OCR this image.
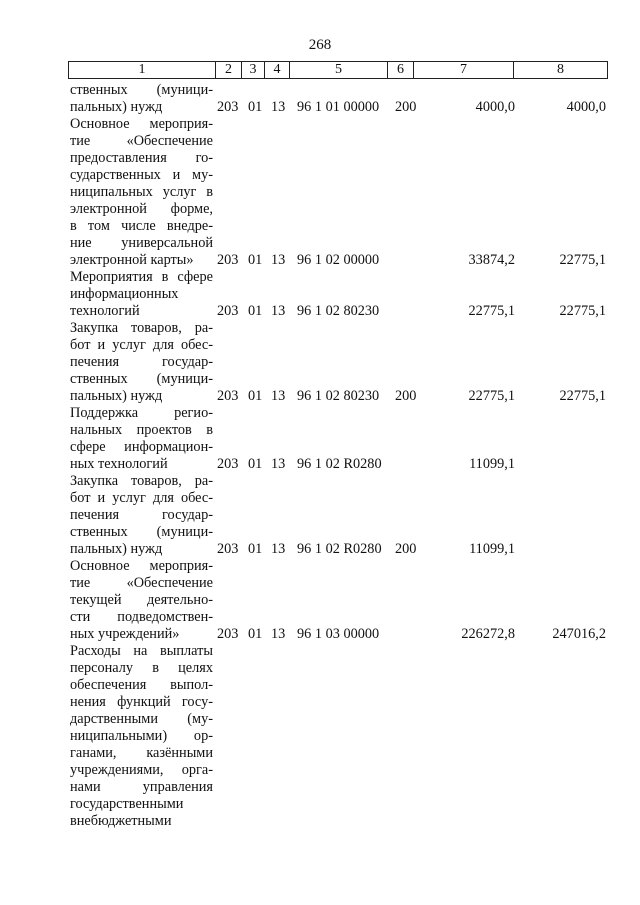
268
1	2	3	4	5	6	7	8
ственных (муници-
пальных) нужд	203 01 13 96 1 01 00000 200	4000,0	4000,0
Основное мероприя-
тие «Обеспечение
предоставления го-
сударственных и му-
ниципальных услуг в
электронной форме,
в том числе внедре-
ние универсальной
электронной карты»	203 01 13 96 1 02 00000	33874,2	22775,1
Мероприятия в сфере
информационных
технологий	203 01 13 96 1 02 80230	22775,1	22775,1
Закупка товаров, ра-
бот и услуг для обес-
печения государ-
ственных (муници-
пальных) нужд	203 01 13 96 1 02 80230 200	22775,1	22775,1
Поддержка регио-
нальных проектов в
сфере информацион-
ных технологий	203 01 13 96 1 02 R0280	11099,1
Закупка товаров, ра-
бот и услуг для обес-
печения государ-
ственных (муници-
пальных) нужд	203 01 13 96 1 02 R0280 200	11099,1
Основное мероприя-
тие «Обеспечение
текущей деятельно-
сти подведомствен-
ных учреждений»	203 01 13 96 1 03 00000	226272,8	247016,2
Расходы на выплаты
персоналу в целях
обеспечения выпол-
нения функций госу-
дарственными (му-
ниципальными) ор-
ганами, казёнными
учреждениями, орга-
нами управления
государственными
внебюджетными
